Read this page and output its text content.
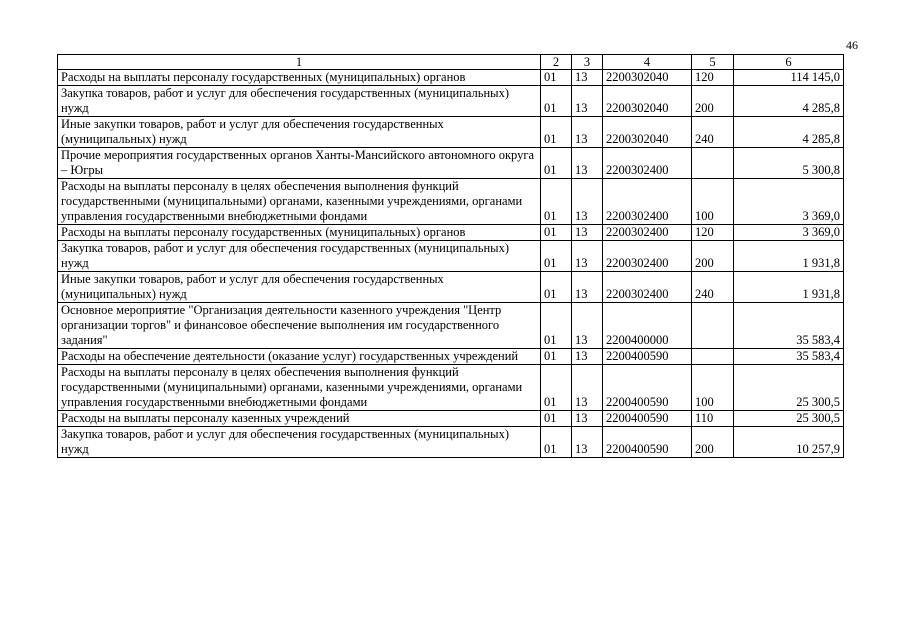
46
1	2	3	4	5	6
Расходы на выплаты персоналу государственных (муниципальных) органов	01	13	2200302040	120	114 145,0
Закупка товаров, работ и услуг для обеспечения государственных (муниципальных) нужд	01	13	2200302040	200	4 285,8
Иные закупки товаров, работ и услуг для обеспечения государственных (муниципальных) нужд	01	13	2200302040	240	4 285,8
Прочие мероприятия государственных органов Ханты-Мансийского автономного округа – Югры	01	13	2200302400		5 300,8
Расходы на выплаты персоналу в целях обеспечения выполнения функций государственными (муниципальными) органами, казенными учреждениями, органами управления государственными внебюджетными фондами	01	13	2200302400	100	3 369,0
Расходы на выплаты персоналу государственных (муниципальных) органов	01	13	2200302400	120	3 369,0
Закупка товаров, работ и услуг для обеспечения государственных (муниципальных) нужд	01	13	2200302400	200	1 931,8
Иные закупки товаров, работ и услуг для обеспечения государственных (муниципальных) нужд	01	13	2200302400	240	1 931,8
Основное мероприятие "Организация деятельности казенного учреждения "Центр организации торгов" и финансовое обеспечение выполнения им государственного задания"	01	13	2200400000		35 583,4
Расходы на обеспечение деятельности (оказание услуг) государственных учреждений	01	13	2200400590		35 583,4
Расходы на выплаты персоналу в целях обеспечения выполнения функций государственными (муниципальными) органами, казенными учреждениями, органами управления государственными внебюджетными фондами	01	13	2200400590	100	25 300,5
Расходы на выплаты персоналу казенных учреждений	01	13	2200400590	110	25 300,5
Закупка товаров, работ и услуг для обеспечения государственных (муниципальных) нужд	01	13	2200400590	200	10 257,9
